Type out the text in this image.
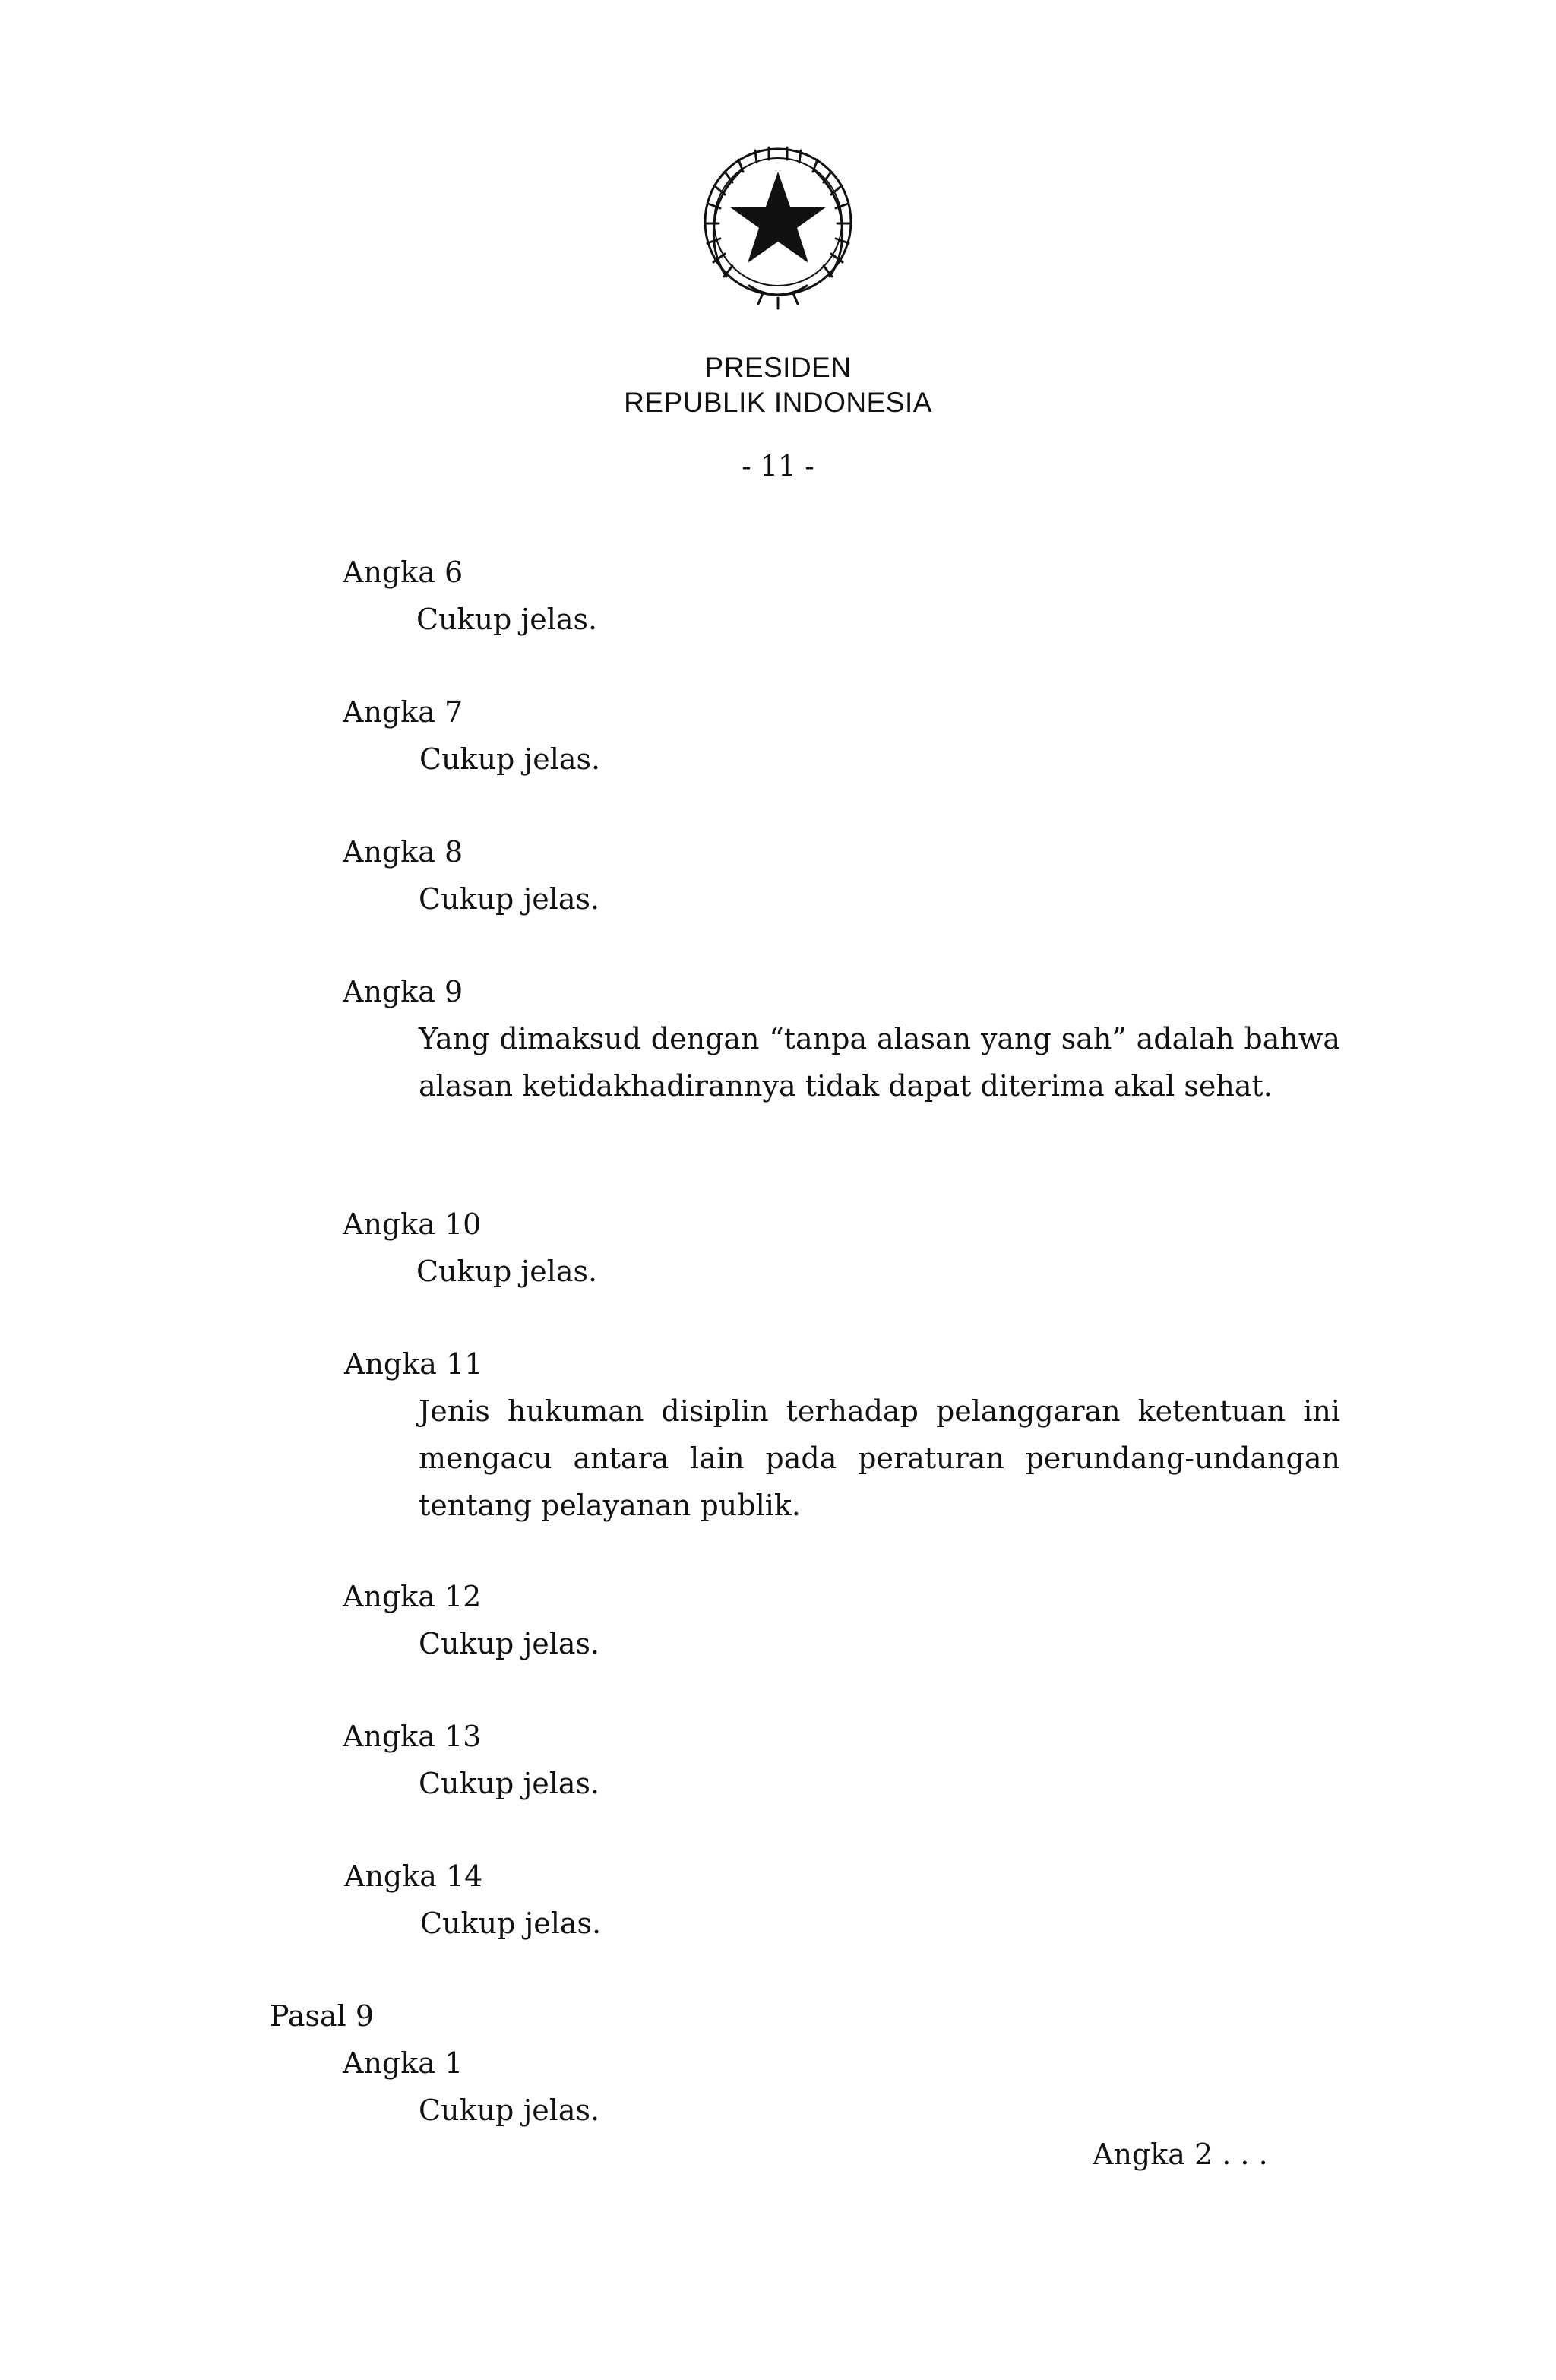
PRESIDEN
REPUBLIK INDONESIA
- 11 -
Angka 6
Cukup jelas.
Angka 7
Cukup jelas.
Angka 8
Cukup jelas.
Angka 9
Yang dimaksud dengan “tanpa alasan yang sah” adalah bahwa alasan ketidakhadirannya tidak dapat diterima akal sehat.
Angka 10
Cukup jelas.
Angka 11
Jenis hukuman disiplin terhadap pelanggaran ketentuan ini mengacu antara lain pada peraturan perundang-undangan tentang pelayanan publik.
Angka 12
Cukup jelas.
Angka 13
Cukup jelas.
Angka 14
Cukup jelas.
Pasal 9
Angka 1
Cukup jelas.
Angka 2 . . .
